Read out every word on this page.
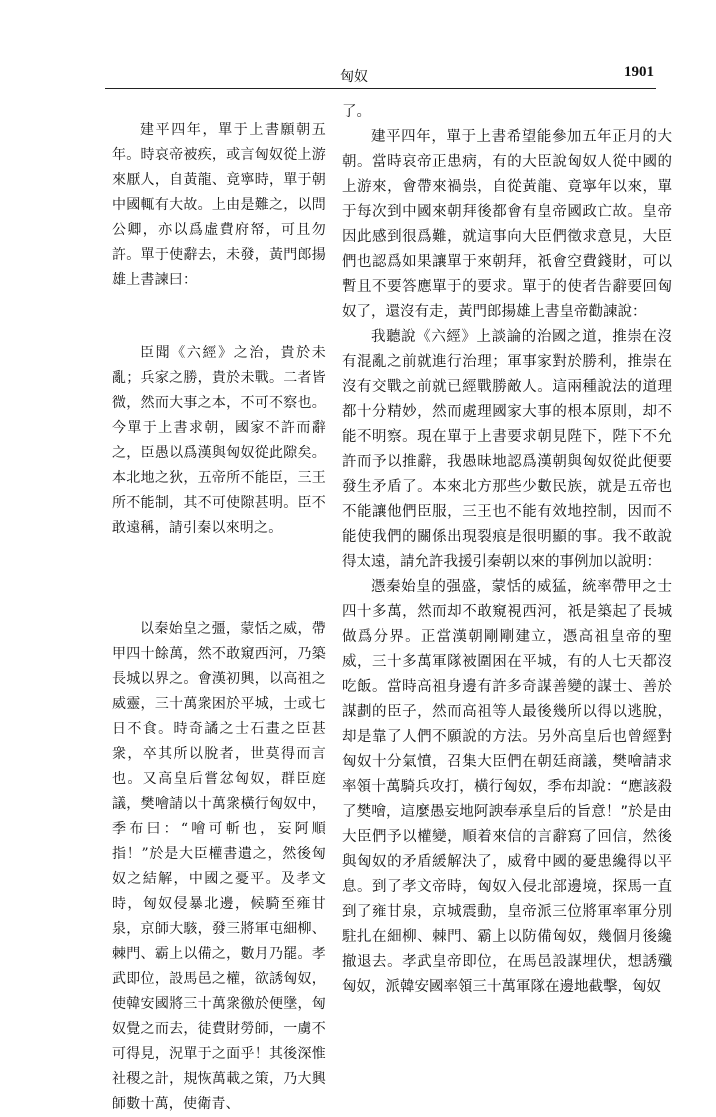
匈奴	1901

建平四年，單于上書願朝五年。時哀帝被疾，或言匈奴從上游來厭人，自黃龍、竟寧時，單于朝中國輒有大故。上由是難之，以問公卿，亦以爲虛費府帑，可且勿許。單于使辭去，未發，黃門郎揚雄上書諫曰：

臣聞《六經》之治，貴於未亂；兵家之勝，貴於未戰。二者皆微，然而大事之本，不可不察也。今單于上書求朝，國家不許而辭之，臣愚以爲漢與匈奴從此隙矣。本北地之狄，五帝所不能臣，三王所不能制，其不可使隙甚明。臣不敢遠稱，請引秦以來明之。

以秦始皇之彊，蒙恬之威，帶甲四十餘萬，然不敢窺西河，乃築長城以界之。會漢初興，以高祖之威靈，三十萬衆困於平城，士或七日不食。時奇譎之士石畫之臣甚衆，卒其所以脫者，世莫得而言也。又高皇后嘗忿匈奴，群臣庭議，樊噲請以十萬衆橫行匈奴中，季布曰：“噲可斬也，妄阿順指！”於是大臣權書遺之，然後匈奴之結解，中國之憂平。及孝文時，匈奴侵暴北邊，候騎至雍甘泉，京師大駭，發三將軍屯細柳、棘門、霸上以備之，數月乃罷。孝武即位，設馬邑之權，欲誘匈奴，使韓安國將三十萬衆徼於便墬，匈奴覺之而去，徒費財勞師，一虜不可得見，況單于之面乎！其後深惟社稷之計，規恢萬載之策，乃大興師數十萬，使衛青、

了。

建平四年，單于上書希望能參加五年正月的大朝。當時哀帝正患病，有的大臣說匈奴人從中國的上游來，會帶來禍祟，自從黃龍、竟寧年以來，單于每次到中國來朝拜後都會有皇帝國政亡故。皇帝因此感到很爲難，就這事向大臣們徵求意見，大臣們也認爲如果讓單于來朝拜，祇會空費錢財，可以暫且不要答應單于的要求。單于的使者告辭要回匈奴了，還沒有走，黃門郎揚雄上書皇帝勸諫說：

我聽說《六經》上談論的治國之道，推崇在沒有混亂之前就進行治理；軍事家對於勝利，推崇在沒有交戰之前就已經戰勝敵人。這兩種說法的道理都十分精妙，然而處理國家大事的根本原則，却不能不明察。現在單于上書要求朝見陛下，陛下不允許而予以推辭，我愚昧地認爲漢朝與匈奴從此便要發生矛盾了。本來北方那些少數民族，就是五帝也不能讓他們臣服，三王也不能有效地控制，因而不能使我們的關係出現裂痕是很明顯的事。我不敢說得太遠，請允許我援引秦朝以來的事例加以說明：

憑秦始皇的强盛，蒙恬的威猛，統率帶甲之士四十多萬，然而却不敢窺視西河，祇是築起了長城做爲分界。正當漢朝剛剛建立，憑高祖皇帝的聖威，三十多萬軍隊被圍困在平城，有的人七天都沒吃飯。當時高祖身邊有許多奇謀善變的謀士、善於謀劃的臣子，然而高祖等人最後幾所以得以逃脫，却是靠了人們不願說的方法。另外高皇后也曾經對匈奴十分氣憤，召集大臣們在朝廷商議，樊噲請求率領十萬騎兵攻打，橫行匈奴，季布却說：“應該殺了樊噲，這麼愚妄地阿諛奉承皇后的旨意！”於是由大臣們予以權變，順着來信的言辭寫了回信，然後與匈奴的矛盾緩解決了，威脅中國的憂患纔得以平息。到了孝文帝時，匈奴入侵北部邊境，探馬一直到了雍甘泉，京城震動，皇帝派三位將軍率軍分別駐扎在細柳、棘門、霸上以防備匈奴，幾個月後纔撤退去。孝武皇帝即位，在馬邑設謀埋伏，想誘殲匈奴，派韓安國率領三十萬軍隊在邊地截擊，匈奴
